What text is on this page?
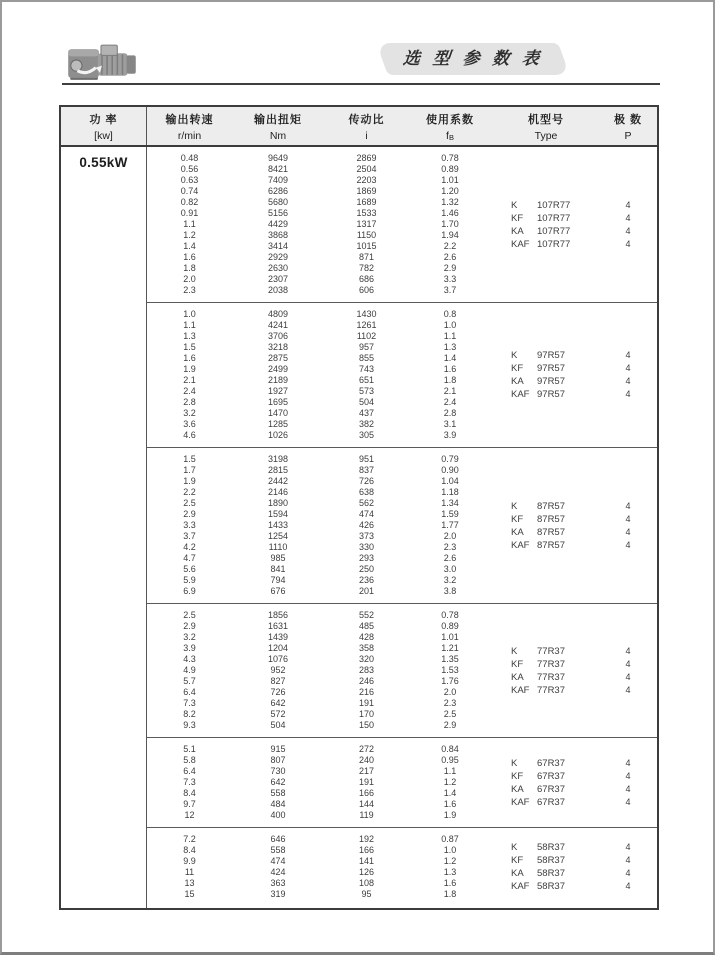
选 型 参 数 表
功 率
[kw]
输出转速
r/min
输出扭矩
Nm
传动比
i
使用系数
fB
机型号
Type
极 数
P
0.55kW	0.48
0.56
0.63
0.74
0.82
0.91
1.1
1.2
1.4
1.6
1.8
2.0
2.3
9649
8421
7409
6286
5680
5156
4429
3868
3414
2929
2630
2307
2038
2869
2504
2203
1869
1689
1533
1317
1150
1015
871
782
686
606
0.78
0.89
1.01
1.20
1.32
1.46
1.70
1.94
2.2
2.6
2.9
3.3
3.7
K 107R77
KF 107R77
KA 107R77
KAF 107R77
4
4
4
4
1.0
1.1
1.3
1.5
1.6
1.9
2.1
2.4
2.8
3.2
3.6
4.6
4809
4241
3706
3218
2875
2499
2189
1927
1695
1470
1285
1026
1430
1261
1102
957
855
743
651
573
504
437
382
305
0.8
1.0
1.1
1.3
1.4
1.6
1.8
2.1
2.4
2.8
3.1
3.9
K 97R57
KF 97R57
KA 97R57
KAF 97R57
4
4
4
4
1.5
1.7
1.9
2.2
2.5
2.9
3.3
3.7
4.2
4.7
5.6
5.9
6.9
3198
2815
2442
2146
1890
1594
1433
1254
1110
985
841
794
676
951
837
726
638
562
474
426
373
330
293
250
236
201
0.79
0.90
1.04
1.18
1.34
1.59
1.77
2.0
2.3
2.6
3.0
3.2
3.8
K 87R57
KF 87R57
KA 87R57
KAF 87R57
4
4
4
4
2.5
2.9
3.2
3.9
4.3
4.9
5.7
6.4
7.3
8.2
9.3
1856
1631
1439
1204
1076
952
827
726
642
572
504
552
485
428
358
320
283
246
216
191
170
150
0.78
0.89
1.01
1.21
1.35
1.53
1.76
2.0
2.3
2.5
2.9
K 77R37
KF 77R37
KA 77R37
KAF 77R37
4
4
4
4
5.1
5.8
6.4
7.3
8.4
9.7
12
915
807
730
642
558
484
400
272
240
217
191
166
144
119
0.84
0.95
1.1
1.2
1.4
1.6
1.9
K 67R37
KF 67R37
KA 67R37
KAF 67R37
4
4
4
4
7.2
8.4
9.9
11
13
15
646
558
474
424
363
319
192
166
141
126
108
95
0.87
1.0
1.2
1.3
1.6
1.8
K 58R37
KF 58R37
KA 58R37
KAF 58R37
4
4
4
4
